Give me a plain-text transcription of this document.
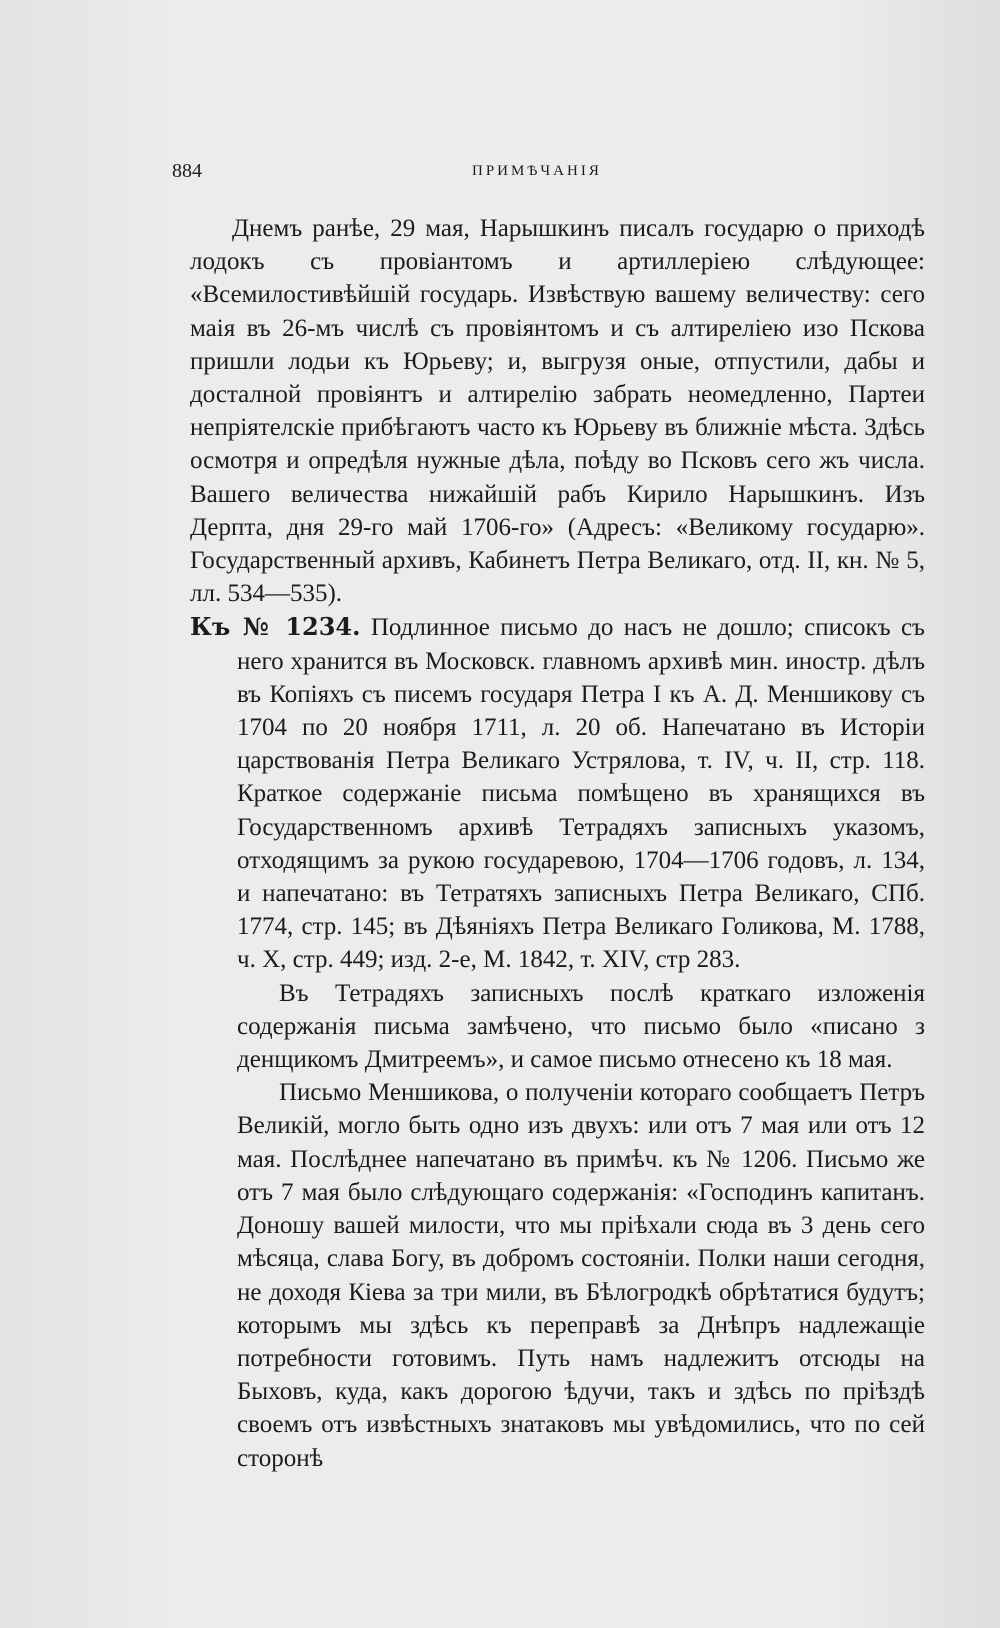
884	ПРИМѢЧАНІЯ

Днемъ ранѣе, 29 мая, Нарышкинъ писалъ государю о приходѣ лодокъ съ провіантомъ и артиллеріею слѣдующее: «Всемилостивѣйшій государь. Извѣствую вашему величеству: сего маія въ 26-мъ числѣ съ провіянтомъ и съ алтиреліею изо Пскова пришли лодьи къ Юрьеву; и, выгрузя оные, отпустили, дабы и досталной провіянтъ и алтирелію забрать неомедленно, Партеи непріятелскіе прибѣгаютъ часто къ Юрьеву въ ближніе мѣста. Здѣсь осмотря и опредѣля нужные дѣла, поѣду во Псковъ сего жъ числа. Вашего величества нижайшій рабъ Кирило Нарышкинъ. Изъ Дерпта, дня 29-го май 1706-го» (Адресъ: «Великому государю». Государственный архивъ, Кабинетъ Петра Великаго, отд. II, кн. № 5, лл. 534—535).

Къ № 1234. Подлинное письмо до насъ не дошло; списокъ съ него хранится въ Московск. главномъ архивѣ мин. иностр. дѣлъ въ Копіяхъ съ писемъ государя Петра I къ А. Д. Меншикову съ 1704 по 20 ноября 1711, л. 20 об. Напечатано въ Исторіи царствованія Петра Великаго Устрялова, т. IV, ч. II, стр. 118. Краткое содержаніе письма помѣщено въ хранящихся въ Государственномъ архивѣ Тетрадяхъ записныхъ указомъ, отходящимъ за рукою государевою, 1704—1706 годовъ, л. 134, и напечатано: въ Тетратяхъ записныхъ Петра Великаго, СПб. 1774, стр. 145; въ Дѣяніяхъ Петра Великаго Голикова, М. 1788, ч. X, стр. 449; изд. 2-е, М. 1842, т. XIV, стр 283.

Въ Тетрадяхъ записныхъ послѣ краткаго изложенія содержанія письма замѣчено, что письмо было «писано з денщикомъ Дмитреемъ», и самое письмо отнесено къ 18 мая.

Письмо Меншикова, о полученіи котораго сообщаетъ Петръ Великій, могло быть одно изъ двухъ: или отъ 7 мая или отъ 12 мая. Послѣднее напечатано въ примѣч. къ № 1206. Письмо же отъ 7 мая было слѣдующаго содержанія: «Господинъ капитанъ. Доношу вашей милости, что мы пріѣхали сюда въ 3 день сего мѣсяца, слава Богу, въ добромъ состояніи. Полки наши сегодня, не доходя Кіева за три мили, въ Бѣлогродкѣ обрѣтатися будутъ; которымъ мы здѣсь къ переправѣ за Днѣпръ надлежащіе потребности готовимъ. Путь намъ надлежитъ отсюды на Быховъ, куда, какъ дорогою ѣдучи, такъ и здѣсь по пріѣздѣ своемъ отъ извѣстныхъ знатаковъ мы увѣдомились, что по сей сторонѣ
